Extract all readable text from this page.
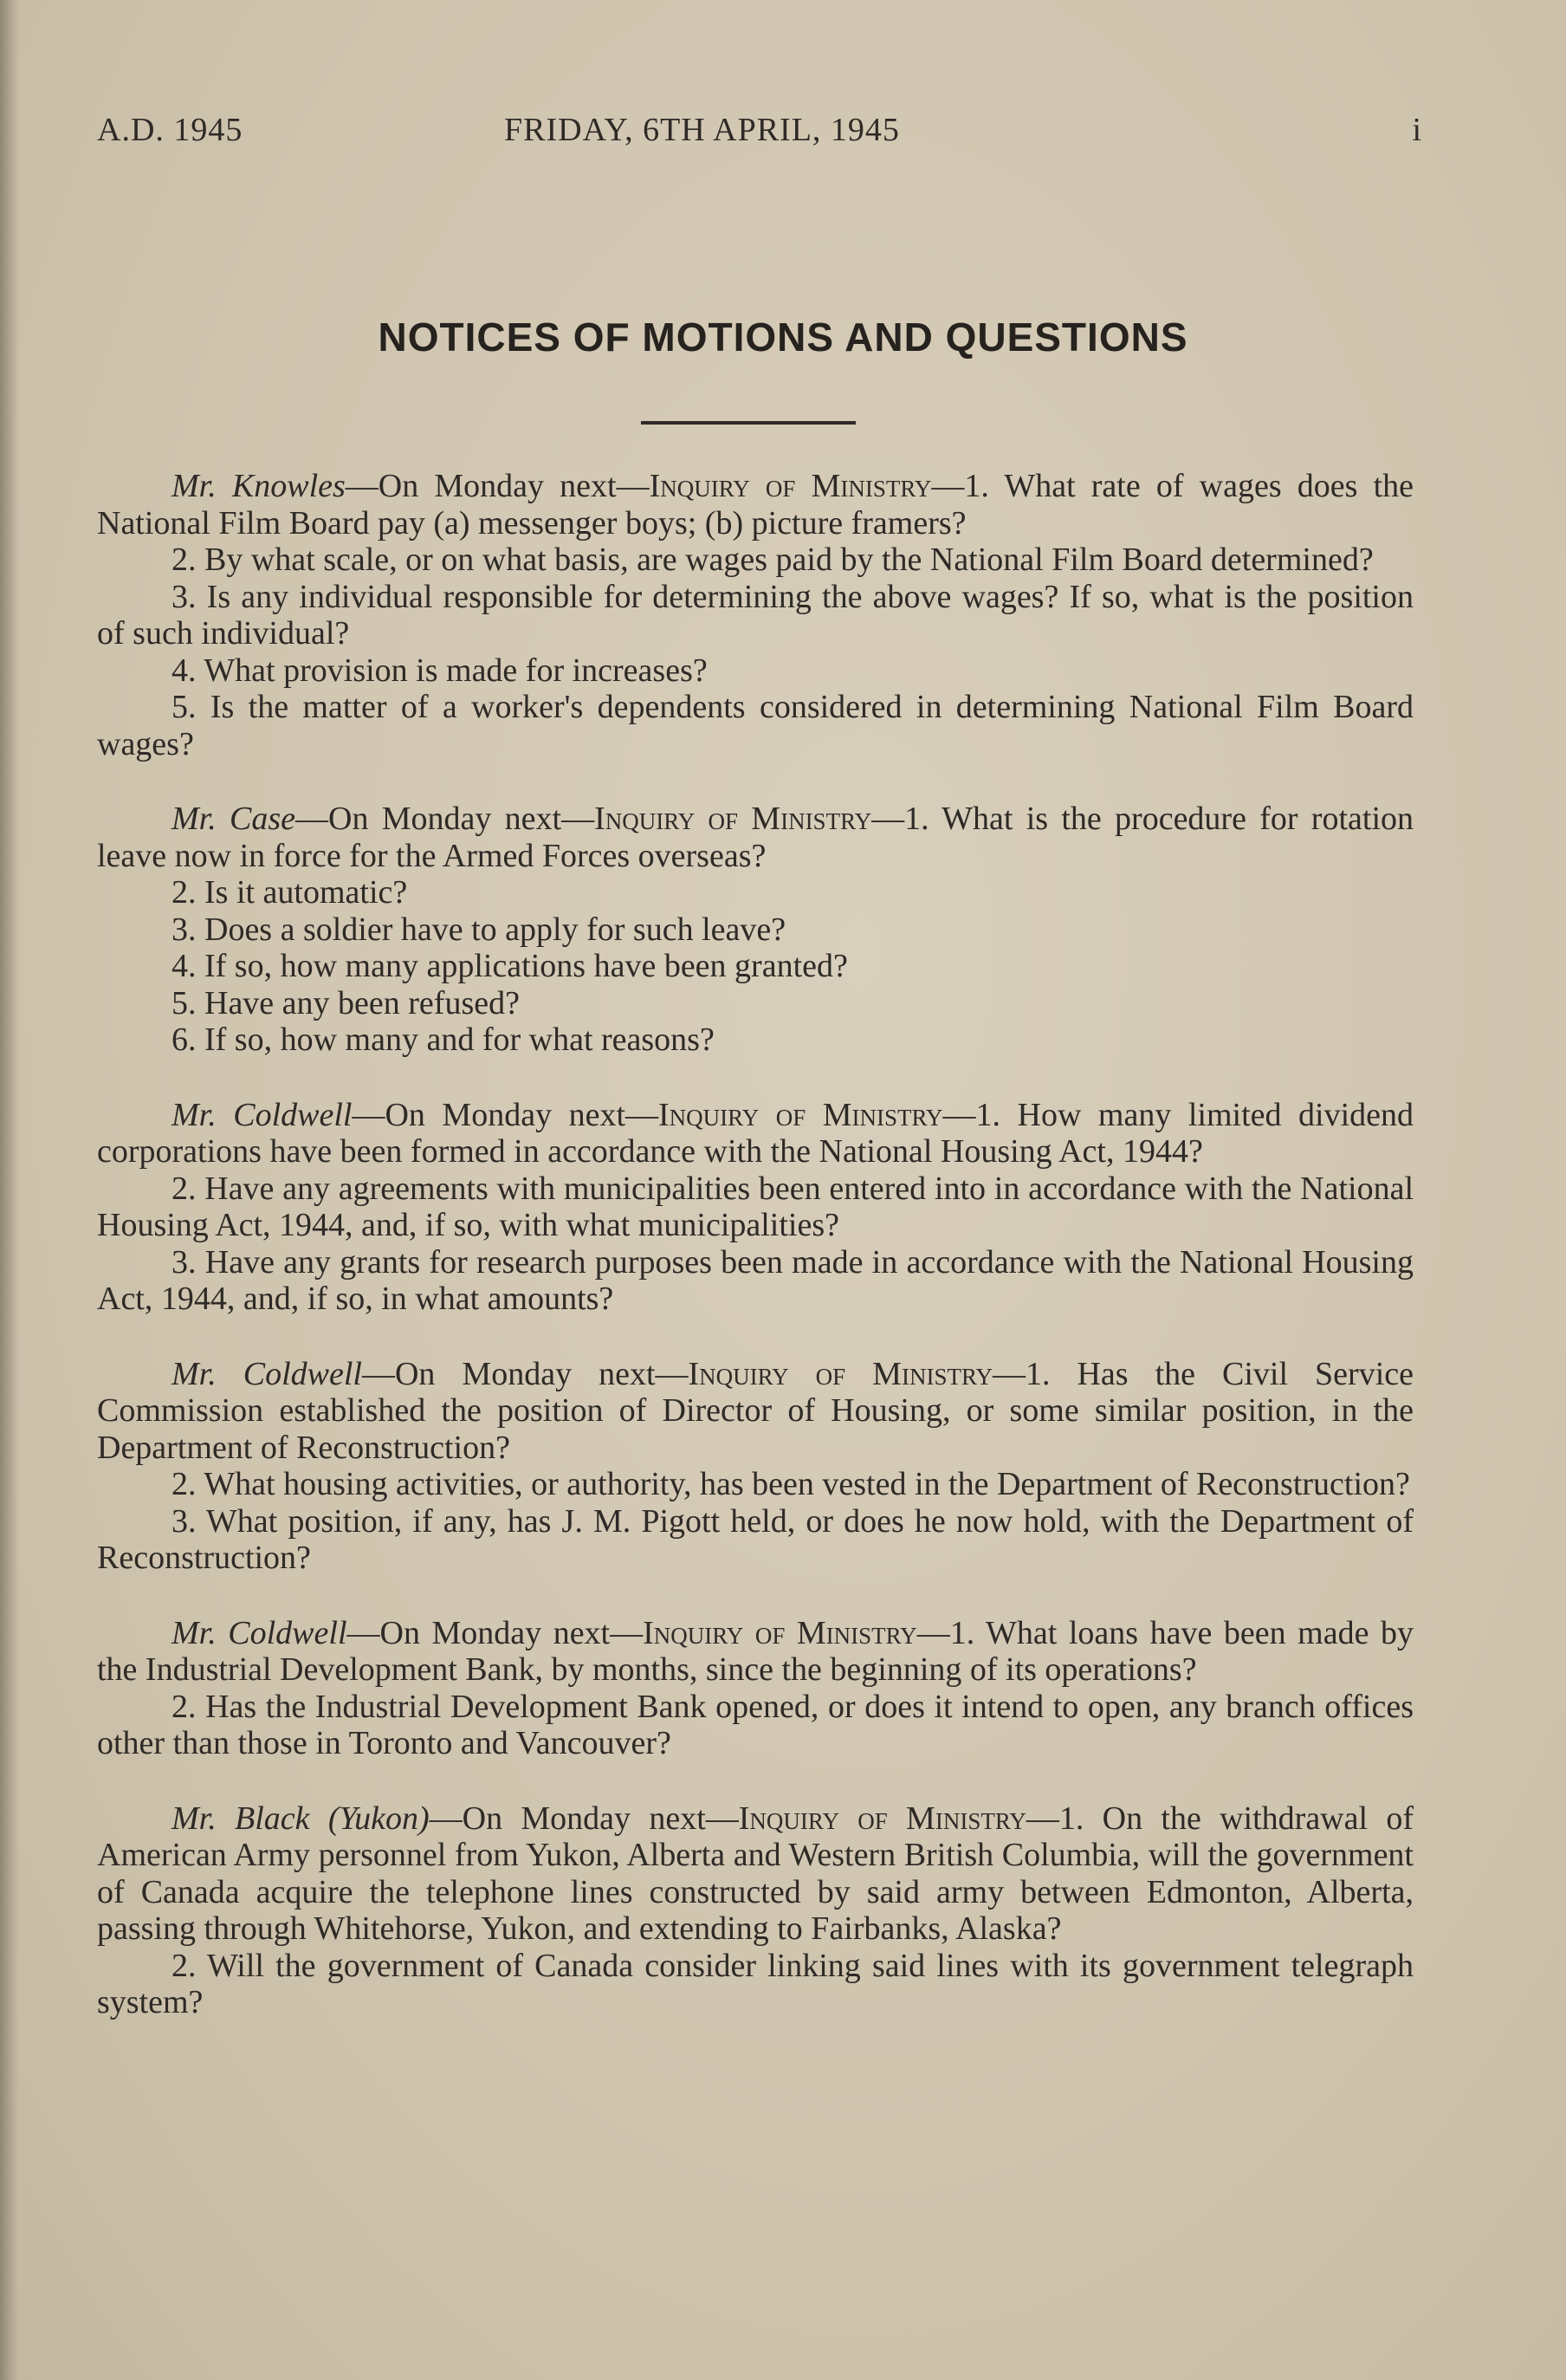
A.D. 1945	FRIDAY, 6TH APRIL, 1945	i
NOTICES OF MOTIONS AND QUESTIONS

Mr. Knowles—On Monday next—Inquiry of Ministry—1. What rate of wages does the National Film Board pay (a) messenger boys; (b) picture framers?

2. By what scale, or on what basis, are wages paid by the National Film Board determined?

3. Is any individual responsible for determining the above wages? If so, what is the position of such individual?

4. What provision is made for increases?

5. Is the matter of a worker's dependents considered in determining National Film Board wages?

Mr. Case—On Monday next—Inquiry of Ministry—1. What is the procedure for rotation leave now in force for the Armed Forces overseas?

2. Is it automatic?

3. Does a soldier have to apply for such leave?

4. If so, how many applications have been granted?

5. Have any been refused?

6. If so, how many and for what reasons?

Mr. Coldwell—On Monday next—Inquiry of Ministry—1. How many limited dividend corporations have been formed in accordance with the National Housing Act, 1944?

2. Have any agreements with municipalities been entered into in accordance with the National Housing Act, 1944, and, if so, with what municipalities?

3. Have any grants for research purposes been made in accordance with the National Housing Act, 1944, and, if so, in what amounts?

Mr. Coldwell—On Monday next—Inquiry of Ministry—1. Has the Civil Service Commission established the position of Director of Housing, or some similar position, in the Department of Reconstruction?

2. What housing activities, or authority, has been vested in the Department of Reconstruction?

3. What position, if any, has J. M. Pigott held, or does he now hold, with the Department of Reconstruction?

Mr. Coldwell—On Monday next—Inquiry of Ministry—1. What loans have been made by the Industrial Development Bank, by months, since the beginning of its operations?

2. Has the Industrial Development Bank opened, or does it intend to open, any branch offices other than those in Toronto and Vancouver?

Mr. Black (Yukon)—On Monday next—Inquiry of Ministry—1. On the withdrawal of American Army personnel from Yukon, Alberta and Western British Columbia, will the government of Canada acquire the telephone lines constructed by said army between Edmonton, Alberta, passing through Whitehorse, Yukon, and extending to Fairbanks, Alaska?

2. Will the government of Canada consider linking said lines with its government telegraph system?
